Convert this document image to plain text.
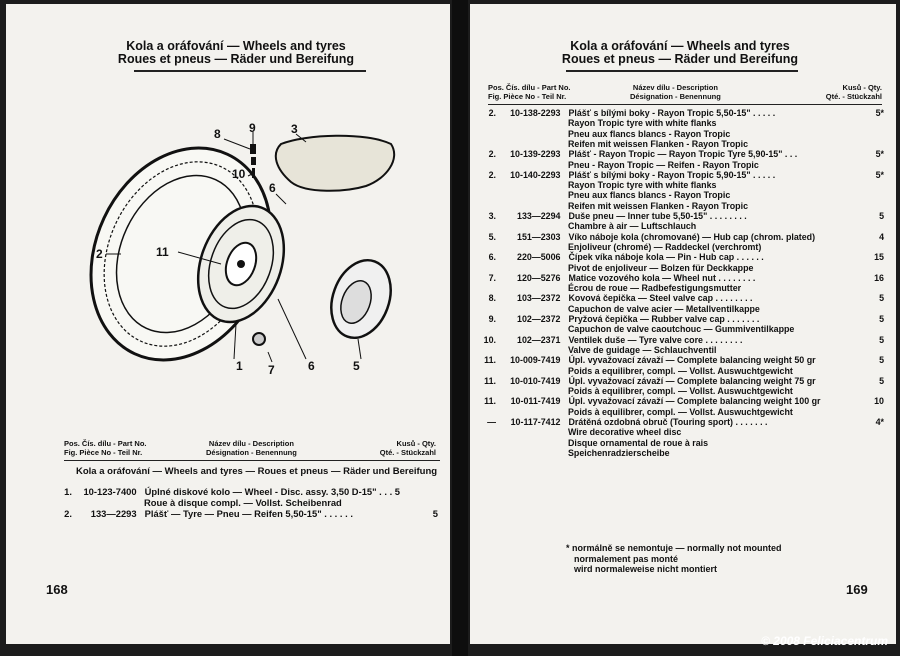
Kola a oráfování — Wheels and tyres
Roues et pneus — Räder und Bereifung
1
2
3
5
6
6
7
8 9
10
11
Pos. Čís. dílu - Part No.
Fig. Pièce No - Teil Nr.
Název dílu - Description
Désignation - Benennung
Kusů - Qty.
Qté. - Stückzahl
Kola a oráfování — Wheels and tyres — Roues et pneus — Räder und Bereifung
1. 10-123-7400 Úplné diskové kolo — Wheel - Disc. assy. 3,50 D-15" . . . 5
Roue à disque compl. — Vollst. Scheibenrad
2. 133—2293 Plášť — Tyre — Pneu — Reifen 5,50-15" . . . . . .	5
168
Kola a oráfování — Wheels and tyres
Roues et pneus — Räder und Bereifung
Pos. Čís. dílu - Part No.
Fig. Pièce No - Teil Nr.
Název dílu - Description
Désignation - Benennung
Kusů - Qty.
Qté. - Stückzahl
2. 10-138-2293 Plášť s bílými boky - Rayon Tropic 5,50-15" . . . . .	5*
Rayon Tropic tyre with white flanks
Pneu aux flancs blancs - Rayon Tropic
Reifen mit weissen Flanken - Rayon Tropic
2. 10-139-2293 Plášť - Rayon Tropic — Rayon Tropic Tyre 5,90-15" . . .	5*
Pneu - Rayon Tropic — Reifen - Rayon Tropic
2. 10-140-2293 Plášť s bílými boky - Rayon Tropic 5,90-15" . . . . .	5*
Rayon Tropic tyre with white flanks
Pneu aux flancs blancs - Rayon Tropic
Reifen mit weissen Flanken - Rayon Tropic
3. 133—2294 Duše pneu — Inner tube 5,50-15" . . . . . . . .	5
Chambre à air — Luftschlauch
5. 151—2303 Víko náboje kola (chromované) — Hub cap (chrom. plated)	4
Enjoliveur (chromé) — Raddeckel (verchromt)
6. 220—5006 Čípek víka náboje kola — Pin - Hub cap . . . . . .	15
Pivot de enjoliveur — Bolzen für Deckkappe
7. 120—5276 Matice vozového kola — Wheel nut . . . . . . . .	16
Écrou de roue — Radbefestigungsmutter
8. 103—2372 Kovová čepička — Steel valve cap . . . . . . . .	5
Capuchon de valve acier — Metallventilkappe
9. 102—2372 Pryžová čepička — Rubber valve cap . . . . . . .	5
Capuchon de valve caoutchouc — Gummiventilkappe
10. 102—2371 Ventilek duše — Tyre valve core . . . . . . . .	5
Valve de guidage — Schlauchventil
11. 10-009-7419 Úpl. vyvažovací závaží — Complete balancing weight 50 gr	5
Poids a equilibrer, compl. — Vollst. Auswuchtgewicht
11. 10-010-7419 Úpl. vyvažovací závaží — Complete balancing weight 75 gr	5
Poids à equilibrer, compl. — Vollst. Auswuchtgewicht
11. 10-011-7419 Úpl. vyvažovací závaží — Complete balancing weight 100 gr	10
Poids à equilibrer, compl. — Vollst. Auswuchtgewicht
— 10-117-7412 Drátěná ozdobná obruč (Touring sport) . . . . . . .	4*
Wire decorative wheel disc
Disque ornamental de roue à rais
Speichenradzierscheibe
* normálně se nemontuje — normally not mounted
normalement pas monté
wird normaleweise nicht montiert
169
© 2008 Feliciacentrum
